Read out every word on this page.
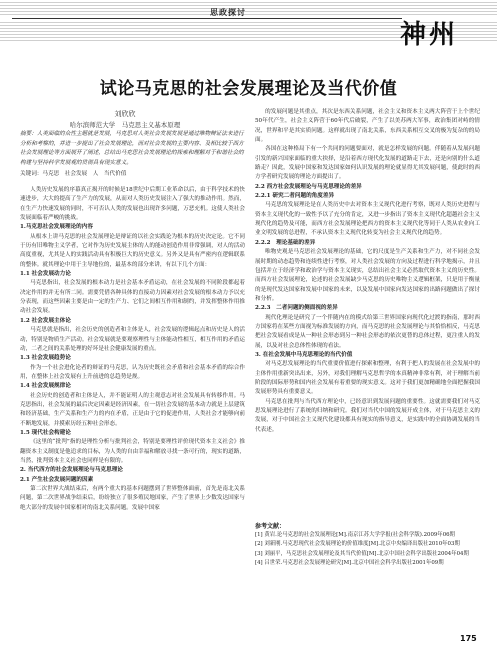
思政探讨
神 州
试论马克思的社会发展理论及当代价值
刘欣欣
哈尔滨师范大学　马克思主义基本原理
摘要：人类面临的众性主题就是发展，马克思对人类社会发展发展是通过唯物辩证法来进行分析和考察的，并进一步提出了社会发展理论，而对社会发展的主要内容、及相比较于西方社会发展理论等方面展开了阐述，总结出马克思社会发展理论的探索和理解对于和谐社会的构建与坚持科学发展观的贯彻具有现实意义。
关键词：马克思　社会发展　人　当代价值
人类历史发展的序幕真正揭开的时候是18世纪中后期工业革命以后，由于科学技术的快速进步，大大的提高了生产力的发展，从而对人类历史发展注入了强大的推动作用。然而，在生产力快速发展的同时，不可否认人类的发展也出现许多问题，万恶充机。这使人类社会发展面临着严峻的挑战。
1.马克思社会发展理论的内容
从根本上讲马克思的社会发展理论是辩证的以社会实践论为根本的历史决定论。它不同于历有旧唯物主义学者，它对作为历史发展主体的人的能动创造作用非常强调，对人的活动高度重视，尤其是人的实践活动具有积极巨大的历史意义。另外又是具有严密内在逻辑联系的整体。就其理论中用于主导地位的，最基本的部分来讲，有以下几个方面：
1.1 社会发展动力论
马克思指出，社会发展的根本动力是社会基本矛盾运动，在社会发展的不同阶段都起着决定作用的并无有所二同。需要凭借各种具体的直接动力因素对社会发展的根本动力予以充分表现，而这些因素主要是由一定的生产力、它们之间相互作用和制约，并发挥整体作用推动社会发展。
1.2 社会发展主体论
马克思就是指出，社会历史的创造者和主体是人，社会发展的逻辑起点和历史是人的活动，特别是物质生产活动。社会发展就是要观察理性与主体能动性相互，相互作用的矛盾运动，二者之间的关系处理的好坏是社会健康发展的重点。
1.3 社会发展趋势论
作为一个社会进化论者的辩证的马克思，认为历史既社会矛盾和社会基本矛盾的综合作用，在整体上社会发展有上升前进的总趋势是规。
1.4 社会发展规律论
社会历史的创造者和主体是人，并不能证明人的主观意志对社会发展具有转移作用。马克思指出，社会发展的最后决定因素是经济因素，在一切社会发展的基本动力就是上层建筑和经济基础，生产关系和生产力的内在矛盾，正是由于它的促进作用，人类社会才能够向前不断地发展，并摸索历经五种社会形态。
1.5 现代社会构建论
《这里的“批判”指的是理性分析与批判社会，特别是要理性评价现代资本主义社会》推翻资本主义制度是他追求的目标，为人类的自由幸福和解放寻找一条可行的，现实的道路，当然，批判资本主义社会也同样是有限的。
2. 当代西方的社会发展理论与马克思理论
2.1 产生社会发展问题的因素
第二次世界大战结束后，有两个重大的基本问题摆到了世界整体面前，首先是南北关系问题，第二次世界战争结束后，纷纷独立了很多殖民地国家，产生了世界上少数发达国家与绝大部分的发展中国家相对的南北关系问题。发展中国家
的发展问题是其重点，其次是东西关系问题，社会主义和资本主义两大阵营于上个世纪50年代产生，社会主义阵营于60年代后破裂，产生了以美苏两大军事，政治集团对峙的情况，世界和平是其实质问题。这样就出现了南北关系，东西关系相互交叉的极为复杂的的局面。
各国在这种格局下有一个共同的问题要面对，就是怎样发展的问题。伴随着从发展问题引发的新兴国家面临的重大抉择，是沿着西方现代化发展的道路走下去，还是向别的什么道路走？因此，发展中国家和发达国家如何认识发展的理论就显得尤其发展问题，使此时的西方学者研究发展的理论方面提出了。
2.2 西方社会发展理论与马克思理论的差异
2.2.1 研究二者问题的角度差异
马克思的发展理论是在人类历史中去对资本主义现代化进行考察，既对人类历史进程与资本主义现代化的一致性予以了充分的肯定，又进一步指出了资本主义现代化超越社会主义现代化的趋势及可能，而西方社会发展理论把西方的资本主义现代化等同于人类从农业向工业文明发展的总进程，不承认资本主义现代化转变为社会主义现代化的趋势。
2.2.2　理论基础的差异
唯物史观是马克思社会发展理论的基础，它的尺度是生产关系和生产力，对不同社会发展时期的动态趋势和连续性进行考察，对人类社会发展的方向及过程进行科学地揭示，并且包括并立于经济学和政治学与资本主义现实，总结出社会主义必然取代资本主义的历史性。而西方社会发展理论，论述的社会发展缺少马克思的历史唯物主义逻辑框架，只是用于衡量的是现代发达国家和发展中国家的未来，以及发展中国家向发达国家的出路问题做出了探讨和分析。
2.2.3　二者问题的侧面视的差异
现代化理论是研究了一个伴随内在的模式给第三世界国家向现代化过渡的指南，那时西方国家将在某些方面视为标准发展的方向，而马克思的社会发展理论与其恰恰相反，马克思把社会发展看成是从一种社会形态到另一种社会形态的依次更替的总体过程，更注重人的发展，以及对社会总体性体现的看法。
3. 在社会发展中马克思理论的当代价值
对马克思发展理论的当代重要价值进行探索和整理，有利于把人的发展在社会发展中的主体作用重新突出出来，另外，对我们理解马克思哲学的本真精神非常有利，对于理解当前阶段的国际形势和国内社会发展有着重要的现实意义。这对于我们更加精确地全面把握我国发展形势具有重要意义。
马克思在批判与当代西方理论中，已经意识到发展问题的重要性。这就需要我们对马克思发展理论进行了系统的归纳和研究。我们对当代中国的发展开成主体，对于马克思主义的发展，对于中国社会主义现代化建设都具有现实的指导意义，是实践中的全面协调发展的当代表述。
参考文献：
[1] 黄岩.论马克思的社会发展理论[M].南京江苏大学学报(社会科学版).2009年06期
[2] 刘新刚.马克思现代社会发展理论的价值维度[M].北京中央编译出版社2010年03期
[3] 刘丽平，马克思社会发展理论及其当代价值[M].北京中国社会科学出版社2004年04期
[4] 吕世荣.马克思社会发展理论研究[M].北京中国社会科学出版社2001年09期
175
